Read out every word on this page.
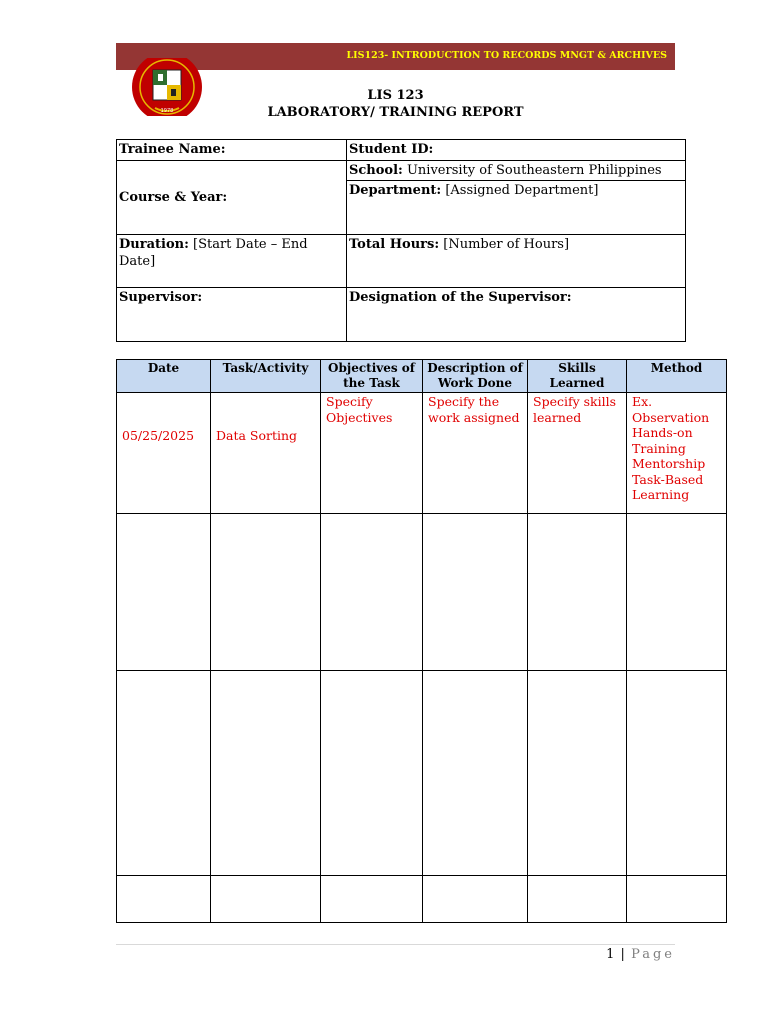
LIS123- INTRODUCTION TO RECORDS MNGT & ARCHIVES
1978
LIS 123
LABORATORY/ TRAINING REPORT
Trainee Name:	Student ID:
Course & Year:	School: University of Southeastern Philippines
	Department: [Assigned Department]
Duration: [Start Date – End Date]	Total Hours: [Number of Hours]
Supervisor:	Designation of the Supervisor:
Date	Task/Activity	Objectives of the Task	Description of Work Done	Skills Learned	Method
05/25/2025	Data Sorting	Specify Objectives	Specify the work assigned	Specify skills learned	Ex.
Observation
Hands-on Training
Mentorship
Task-Based Learning

1 | Page
